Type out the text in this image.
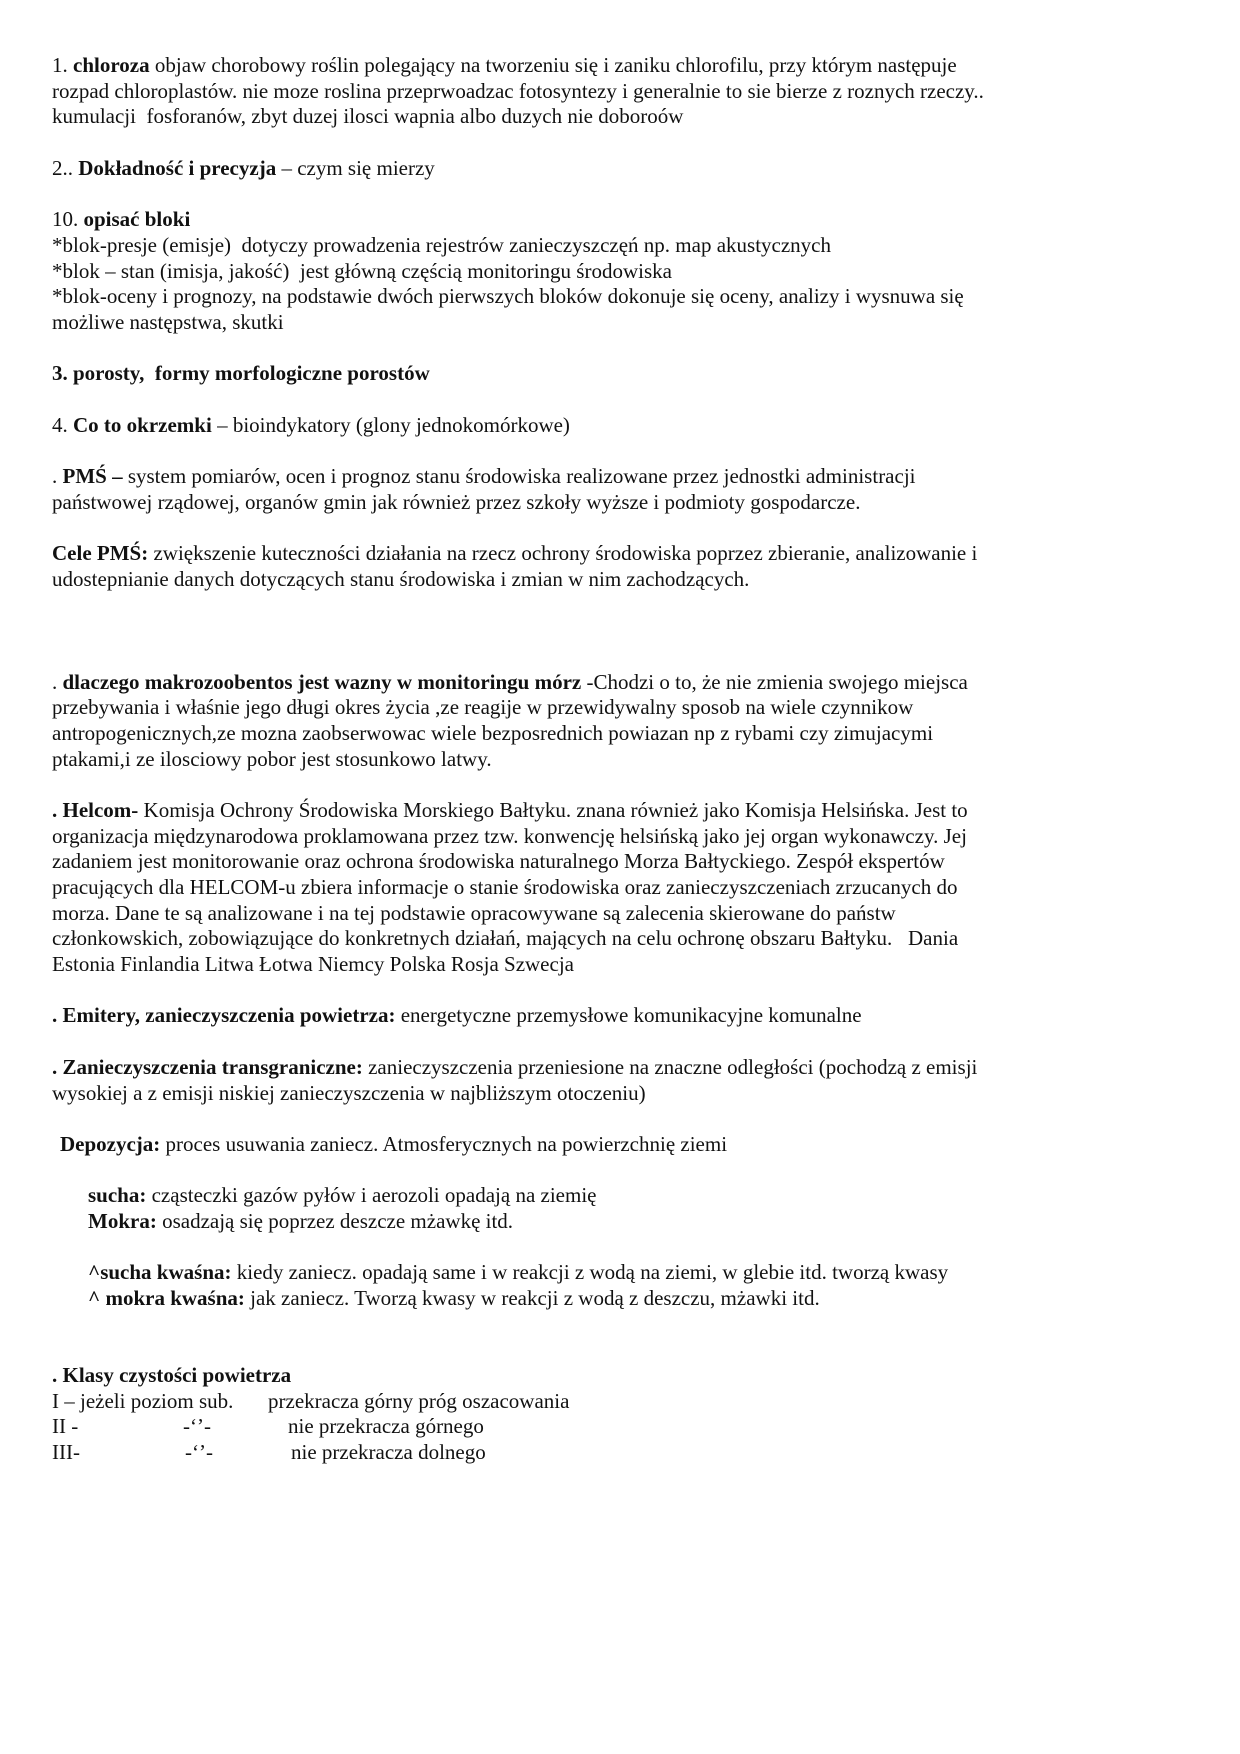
1. chloroza objaw chorobowy roślin polegający na tworzeniu się i zaniku chlorofilu, przy którym następuje
rozpad chloroplastów. nie moze roslina przeprwoadzac fotosyntezy i generalnie to sie bierze z roznych rzeczy..
kumulacji  fosforanów, zbyt duzej ilosci wapnia albo duzych nie doboroów
2.. Dokładność i precyzja – czym się mierzy
10. opisać bloki
*blok-presje (emisje)  dotyczy prowadzenia rejestrów zanieczyszczęń np. map akustycznych
*blok – stan (imisja, jakość)  jest główną częścią monitoringu środowiska
*blok-oceny i prognozy, na podstawie dwóch pierwszych bloków dokonuje się oceny, analizy i wysnuwa się
możliwe następstwa, skutki
3. porosty,  formy morfologiczne porostów
4. Co to okrzemki – bioindykatory (glony jednokomórkowe)
. PMŚ – system pomiarów, ocen i prognoz stanu środowiska realizowane przez jednostki administracji
państwowej rządowej, organów gmin jak również przez szkoły wyższe i podmioty gospodarcze.
Cele PMŚ: zwiększenie kuteczności działania na rzecz ochrony środowiska poprzez zbieranie, analizowanie i
udostepnianie danych dotyczących stanu środowiska i zmian w nim zachodzących.
. dlaczego makrozoobentos jest wazny w monitoringu mórz -Chodzi o to, że nie zmienia swojego miejsca
przebywania i właśnie jego długi okres życia ,ze reagije w przewidywalny sposob na wiele czynnikow
antropogenicznych,ze mozna zaobserwowac wiele bezposrednich powiazan np z rybami czy zimujacymi
ptakami,i ze ilosciowy pobor jest stosunkowo latwy.
. Helcom- Komisja Ochrony Środowiska Morskiego Bałtyku. znana również jako Komisja Helsińska. Jest to
organizacja międzynarodowa proklamowana przez tzw. konwencję helsińską jako jej organ wykonawczy. Jej
zadaniem jest monitorowanie oraz ochrona środowiska naturalnego Morza Bałtyckiego. Zespół ekspertów
pracujących dla HELCOM-u zbiera informacje o stanie środowiska oraz zanieczyszczeniach zrzucanych do
morza. Dane te są analizowane i na tej podstawie opracowywane są zalecenia skierowane do państw
członkowskich, zobowiązujące do konkretnych działań, mających na celu ochronę obszaru Bałtyku.   Dania
Estonia Finlandia Litwa Łotwa Niemcy Polska Rosja Szwecja
. Emitery, zanieczyszczenia powietrza: energetyczne przemysłowe komunikacyjne komunalne
. Zanieczyszczenia transgraniczne: zanieczyszczenia przeniesione na znaczne odległości (pochodzą z emisji
wysokiej a z emisji niskiej zanieczyszczenia w najbliższym otoczeniu)
Depozycja: proces usuwania zaniecz. Atmosferycznych na powierzchnię ziemi
sucha: cząsteczki gazów pyłów i aerozoli opadają na ziemię
Mokra: osadzają się poprzez deszcze mżawkę itd.
^sucha kwaśna: kiedy zaniecz. opadają same i w reakcji z wodą na ziemi, w glebie itd. tworzą kwasy
^ mokra kwaśna: jak zaniecz. Tworzą kwasy w reakcji z wodą z deszczu, mżawki itd.
. Klasy czystości powietrza
I – jeżeli poziom sub. przekracza górny próg oszacowania
II -	-‘’-	nie przekracza górnego
III-	-‘’-	nie przekracza dolnego
